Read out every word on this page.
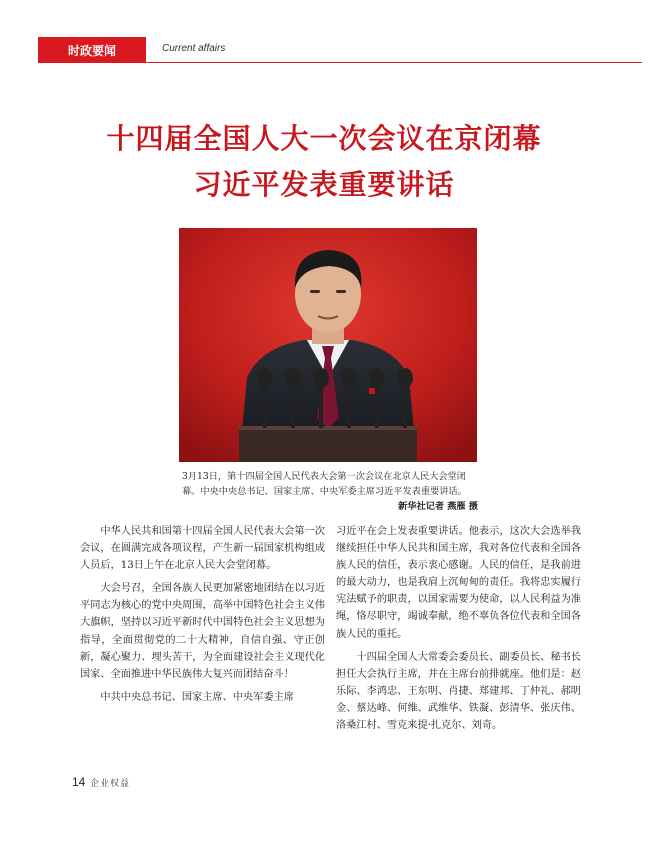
时政要闻	Current affairs
十四届全国人大一次会议在京闭幕
习近平发表重要讲话

3月13日，第十四届全国人民代表大会第一次会议在北京人民大会堂闭幕。中央中央总书记、国家主席、中央军委主席习近平发表重要讲话。

新华社记者 燕雁 摄

中华人民共和国第十四届全国人民代表大会第一次会议，在圆满完成各项议程，产生新一届国家机构组成人员后，13日上午在北京人民大会堂闭幕。

大会号召，全国各族人民更加紧密地团结在以习近平同志为核心的党中央周围，高举中国特色社会主义伟大旗帜，坚持以习近平新时代中国特色社会主义思想为指导，全面贯彻党的二十大精神，自信自强、守正创新，凝心聚力、埋头苦干，为全面建设社会主义现代化国家、全面推进中华民族伟大复兴而团结奋斗！

中共中央总书记、国家主席、中央军委主席

习近平在会上发表重要讲话。他表示，这次大会选举我继续担任中华人民共和国主席，我对各位代表和全国各族人民的信任，表示衷心感谢。人民的信任，是我前进的最大动力，也是我肩上沉甸甸的责任。我将忠实履行宪法赋予的职责，以国家需要为使命，以人民利益为准绳，恪尽职守，竭诚奉献，绝不辜负各位代表和全国各族人民的重托。

十四届全国人大常委会委员长、副委员长、秘书长担任大会执行主席，并在主席台前排就座。他们是：赵乐际、李鸿忠、王东明、肖捷、郑建邦、丁仲礼、郝明金、蔡达峰、何维、武维华、铁凝、彭清华、张庆伟、洛桑江村、雪克来提·扎克尔、刘奇。

14 企业权益
